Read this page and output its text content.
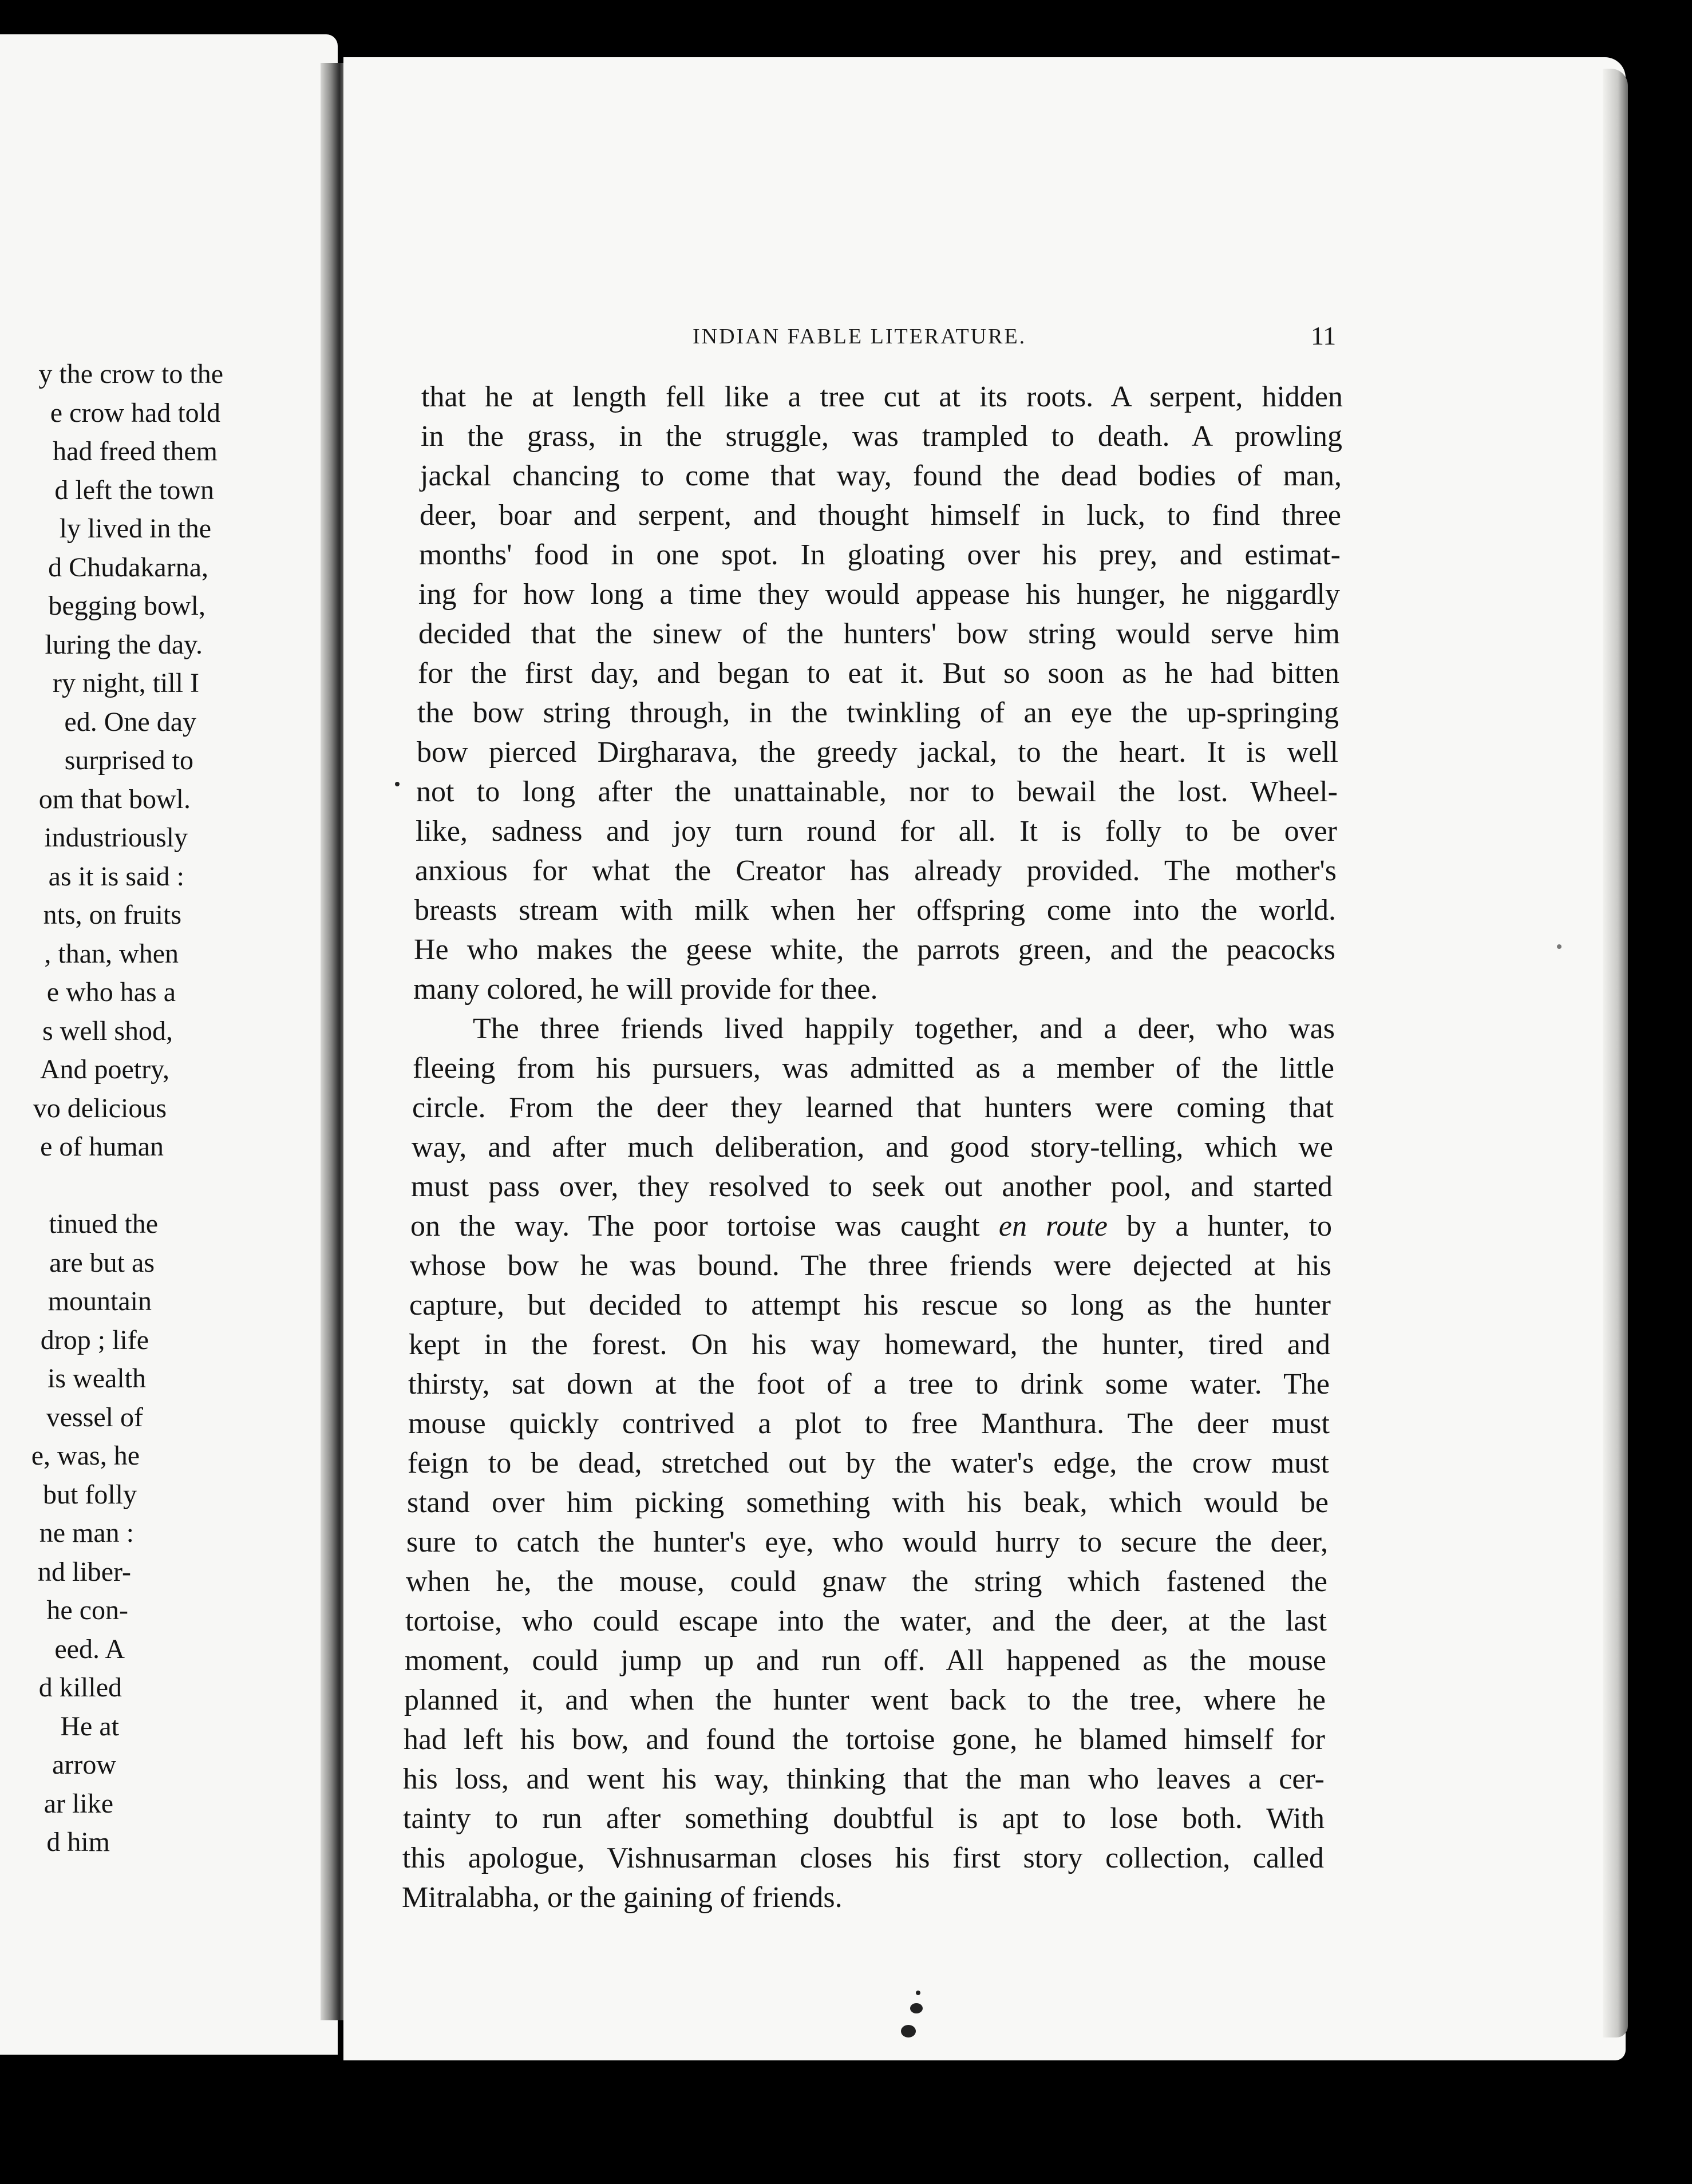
y the crow to the
e crow had told
had freed them
d left the town
ly lived in the
d Chudakarna,
begging bowl,
luring the day.
ry night, till I
ed. One day
surprised to
om that bowl.
industriously
as it is said :
nts, on fruits
, than, when
e who has a
s well shod,
And poetry,
vo delicious
e of human
tinued the
are but as
mountain
drop ; life
is wealth
vessel of
e, was, he
but folly
ne man :
nd liber-
he con-
eed. A
d killed
He at
arrow
ar like
d him
INDIAN FABLE LITERATURE.	11
that he at length fell like a tree cut at its roots. A serpent, hidden
in the grass, in the struggle, was trampled to death. A prowling
jackal chancing to come that way, found the dead bodies of man,
deer, boar and serpent, and thought himself in luck, to find three
months' food in one spot. In gloating over his prey, and estimat-
ing for how long a time they would appease his hunger, he niggardly
decided that the sinew of the hunters' bow string would serve him
for the first day, and began to eat it. But so soon as he had bitten
the bow string through, in the twinkling of an eye the up-springing
bow pierced Dirgharava, the greedy jackal, to the heart. It is well
not to long after the unattainable, nor to bewail the lost. Wheel-
like, sadness and joy turn round for all. It is folly to be over
anxious for what the Creator has already provided. The mother's
breasts stream with milk when her offspring come into the world.
He who makes the geese white, the parrots green, and the peacocks
many colored, he will provide for thee.
The three friends lived happily together, and a deer, who was
fleeing from his pursuers, was admitted as a member of the little
circle. From the deer they learned that hunters were coming that
way, and after much deliberation, and good story-telling, which we
must pass over, they resolved to seek out another pool, and started
on the way. The poor tortoise was caught en route by a hunter, to
whose bow he was bound. The three friends were dejected at his
capture, but decided to attempt his rescue so long as the hunter
kept in the forest. On his way homeward, the hunter, tired and
thirsty, sat down at the foot of a tree to drink some water. The
mouse quickly contrived a plot to free Manthura. The deer must
feign to be dead, stretched out by the water's edge, the crow must
stand over him picking something with his beak, which would be
sure to catch the hunter's eye, who would hurry to secure the deer,
when he, the mouse, could gnaw the string which fastened the
tortoise, who could escape into the water, and the deer, at the last
moment, could jump up and run off. All happened as the mouse
planned it, and when the hunter went back to the tree, where he
had left his bow, and found the tortoise gone, he blamed himself for
his loss, and went his way, thinking that the man who leaves a cer-
tainty to run after something doubtful is apt to lose both. With
this apologue, Vishnusarman closes his first story collection, called
Mitralabha, or the gaining of friends.
